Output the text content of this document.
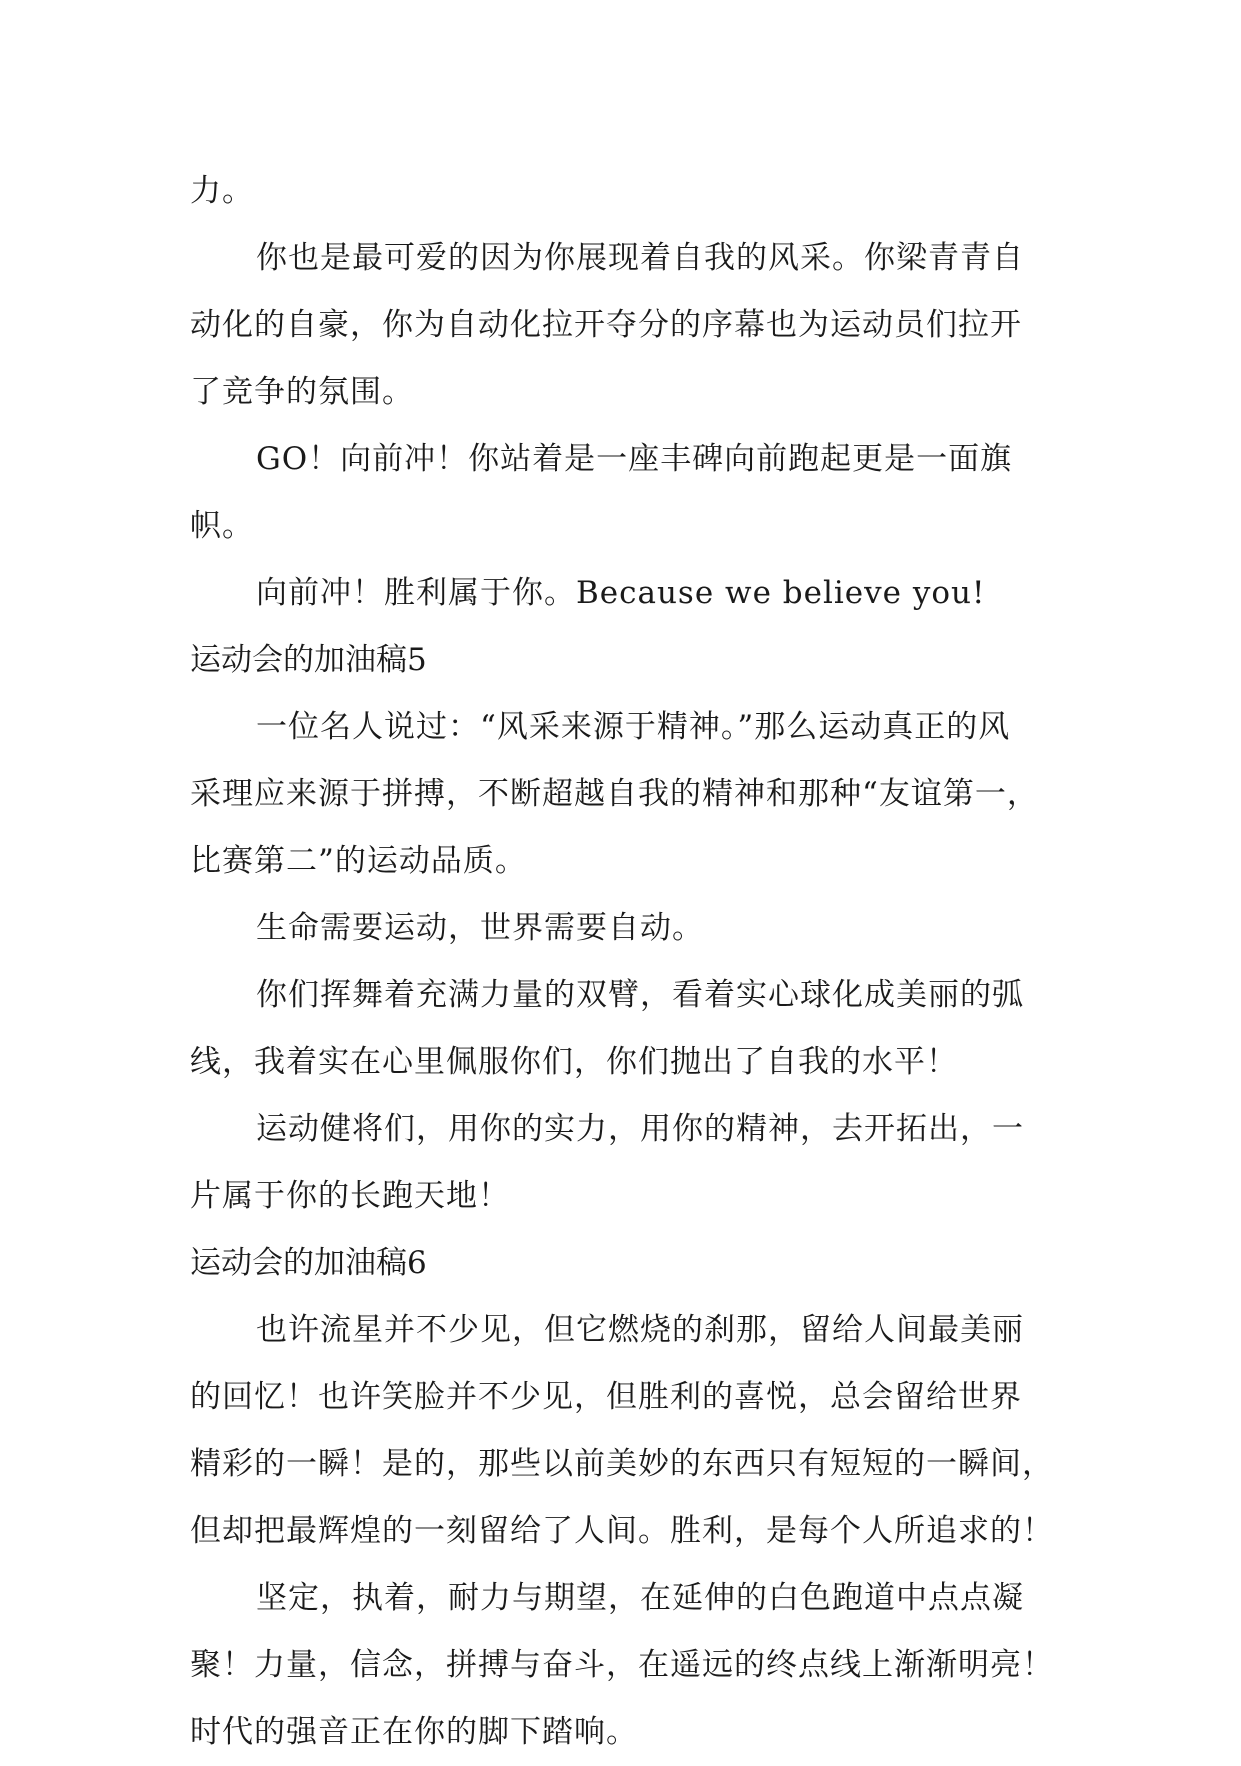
力。
你也是最可爱的因为你展现着自我的风采。你梁青青自
动化的自豪，你为自动化拉开夺分的序幕也为运动员们拉开
了竞争的氛围。
GO！向前冲！你站着是一座丰碑向前跑起更是一面旗
帜。
向前冲！胜利属于你。Because we believe you!
运动会的加油稿5
一位名人说过：“风采来源于精神。”那么运动真正的风
采理应来源于拼搏，不断超越自我的精神和那种“友谊第一，
比赛第二”的运动品质。
生命需要运动，世界需要自动。
你们挥舞着充满力量的双臂，看着实心球化成美丽的弧
线，我着实在心里佩服你们，你们抛出了自我的水平！
运动健将们，用你的实力，用你的精神，去开拓出，一
片属于你的长跑天地！
运动会的加油稿6
也许流星并不少见，但它燃烧的刹那，留给人间最美丽
的回忆！也许笑脸并不少见，但胜利的喜悦，总会留给世界
精彩的一瞬！是的，那些以前美妙的东西只有短短的一瞬间，
但却把最辉煌的一刻留给了人间。胜利，是每个人所追求的！
坚定，执着，耐力与期望，在延伸的白色跑道中点点凝
聚！力量，信念，拼搏与奋斗，在遥远的终点线上渐渐明亮！
时代的强音正在你的脚下踏响。
